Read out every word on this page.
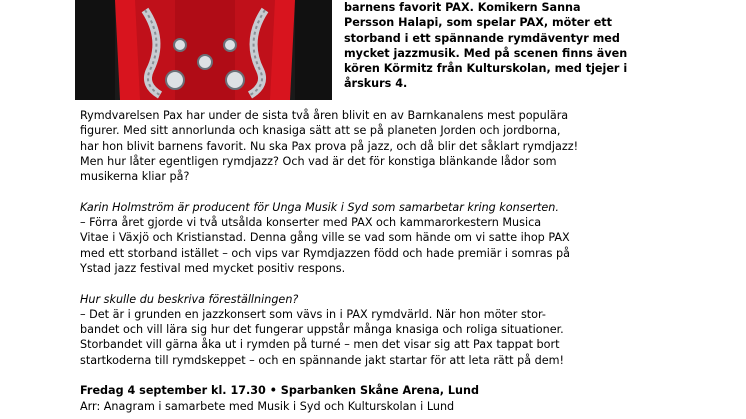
barnens favorit PAX. Komikern Sanna

Persson Halapi, som spelar PAX, möter ett

storband i ett spännande rymdäventyr med

mycket jazzmusik. Med på scenen finns även

kören Körmitz från Kulturskolan, med tjejer i

årskurs 4.

Rymdvarelsen Pax har under de sista två åren blivit en av Barnkanalens mest populära
figurer. Med sitt annorlunda och knasiga sätt att se på planeten Jorden och jordborna,
har hon blivit barnens favorit. Nu ska Pax prova på jazz, och då blir det såklart rymdjazz!
Men hur låter egentligen rymdjazz? Och vad är det för konstiga blänkande lådor som
musikerna kliar på?

Karin Holmström är producent för Unga Musik i Syd som samarbetar kring konserten.
– Förra året gjorde vi två utsålda konserter med PAX och kammarorkestern Musica
Vitae i Växjö och Kristianstad. Denna gång ville se vad som hände om vi satte ihop PAX
med ett storband istället – och vips var Rymdjazzen född och hade premiär i somras på
Ystad jazz festival med mycket positiv respons.

Hur skulle du beskriva föreställningen?
– Det är i grunden en jazzkonsert som vävs in i PAX rymdvärld. När hon möter stor-
bandet och vill lära sig hur det fungerar uppstår många knasiga och roliga situationer.
Storbandet vill gärna åka ut i rymden på turné – men det visar sig att Pax tappat bort
startkoderna till rymdskeppet – och en spännande jakt startar för att leta rätt på dem!

Fredag 4 september kl. 17.30 • Sparbanken Skåne Arena, Lund
Arr: Anagram i samarbete med Musik i Syd och Kulturskolan i Lund
